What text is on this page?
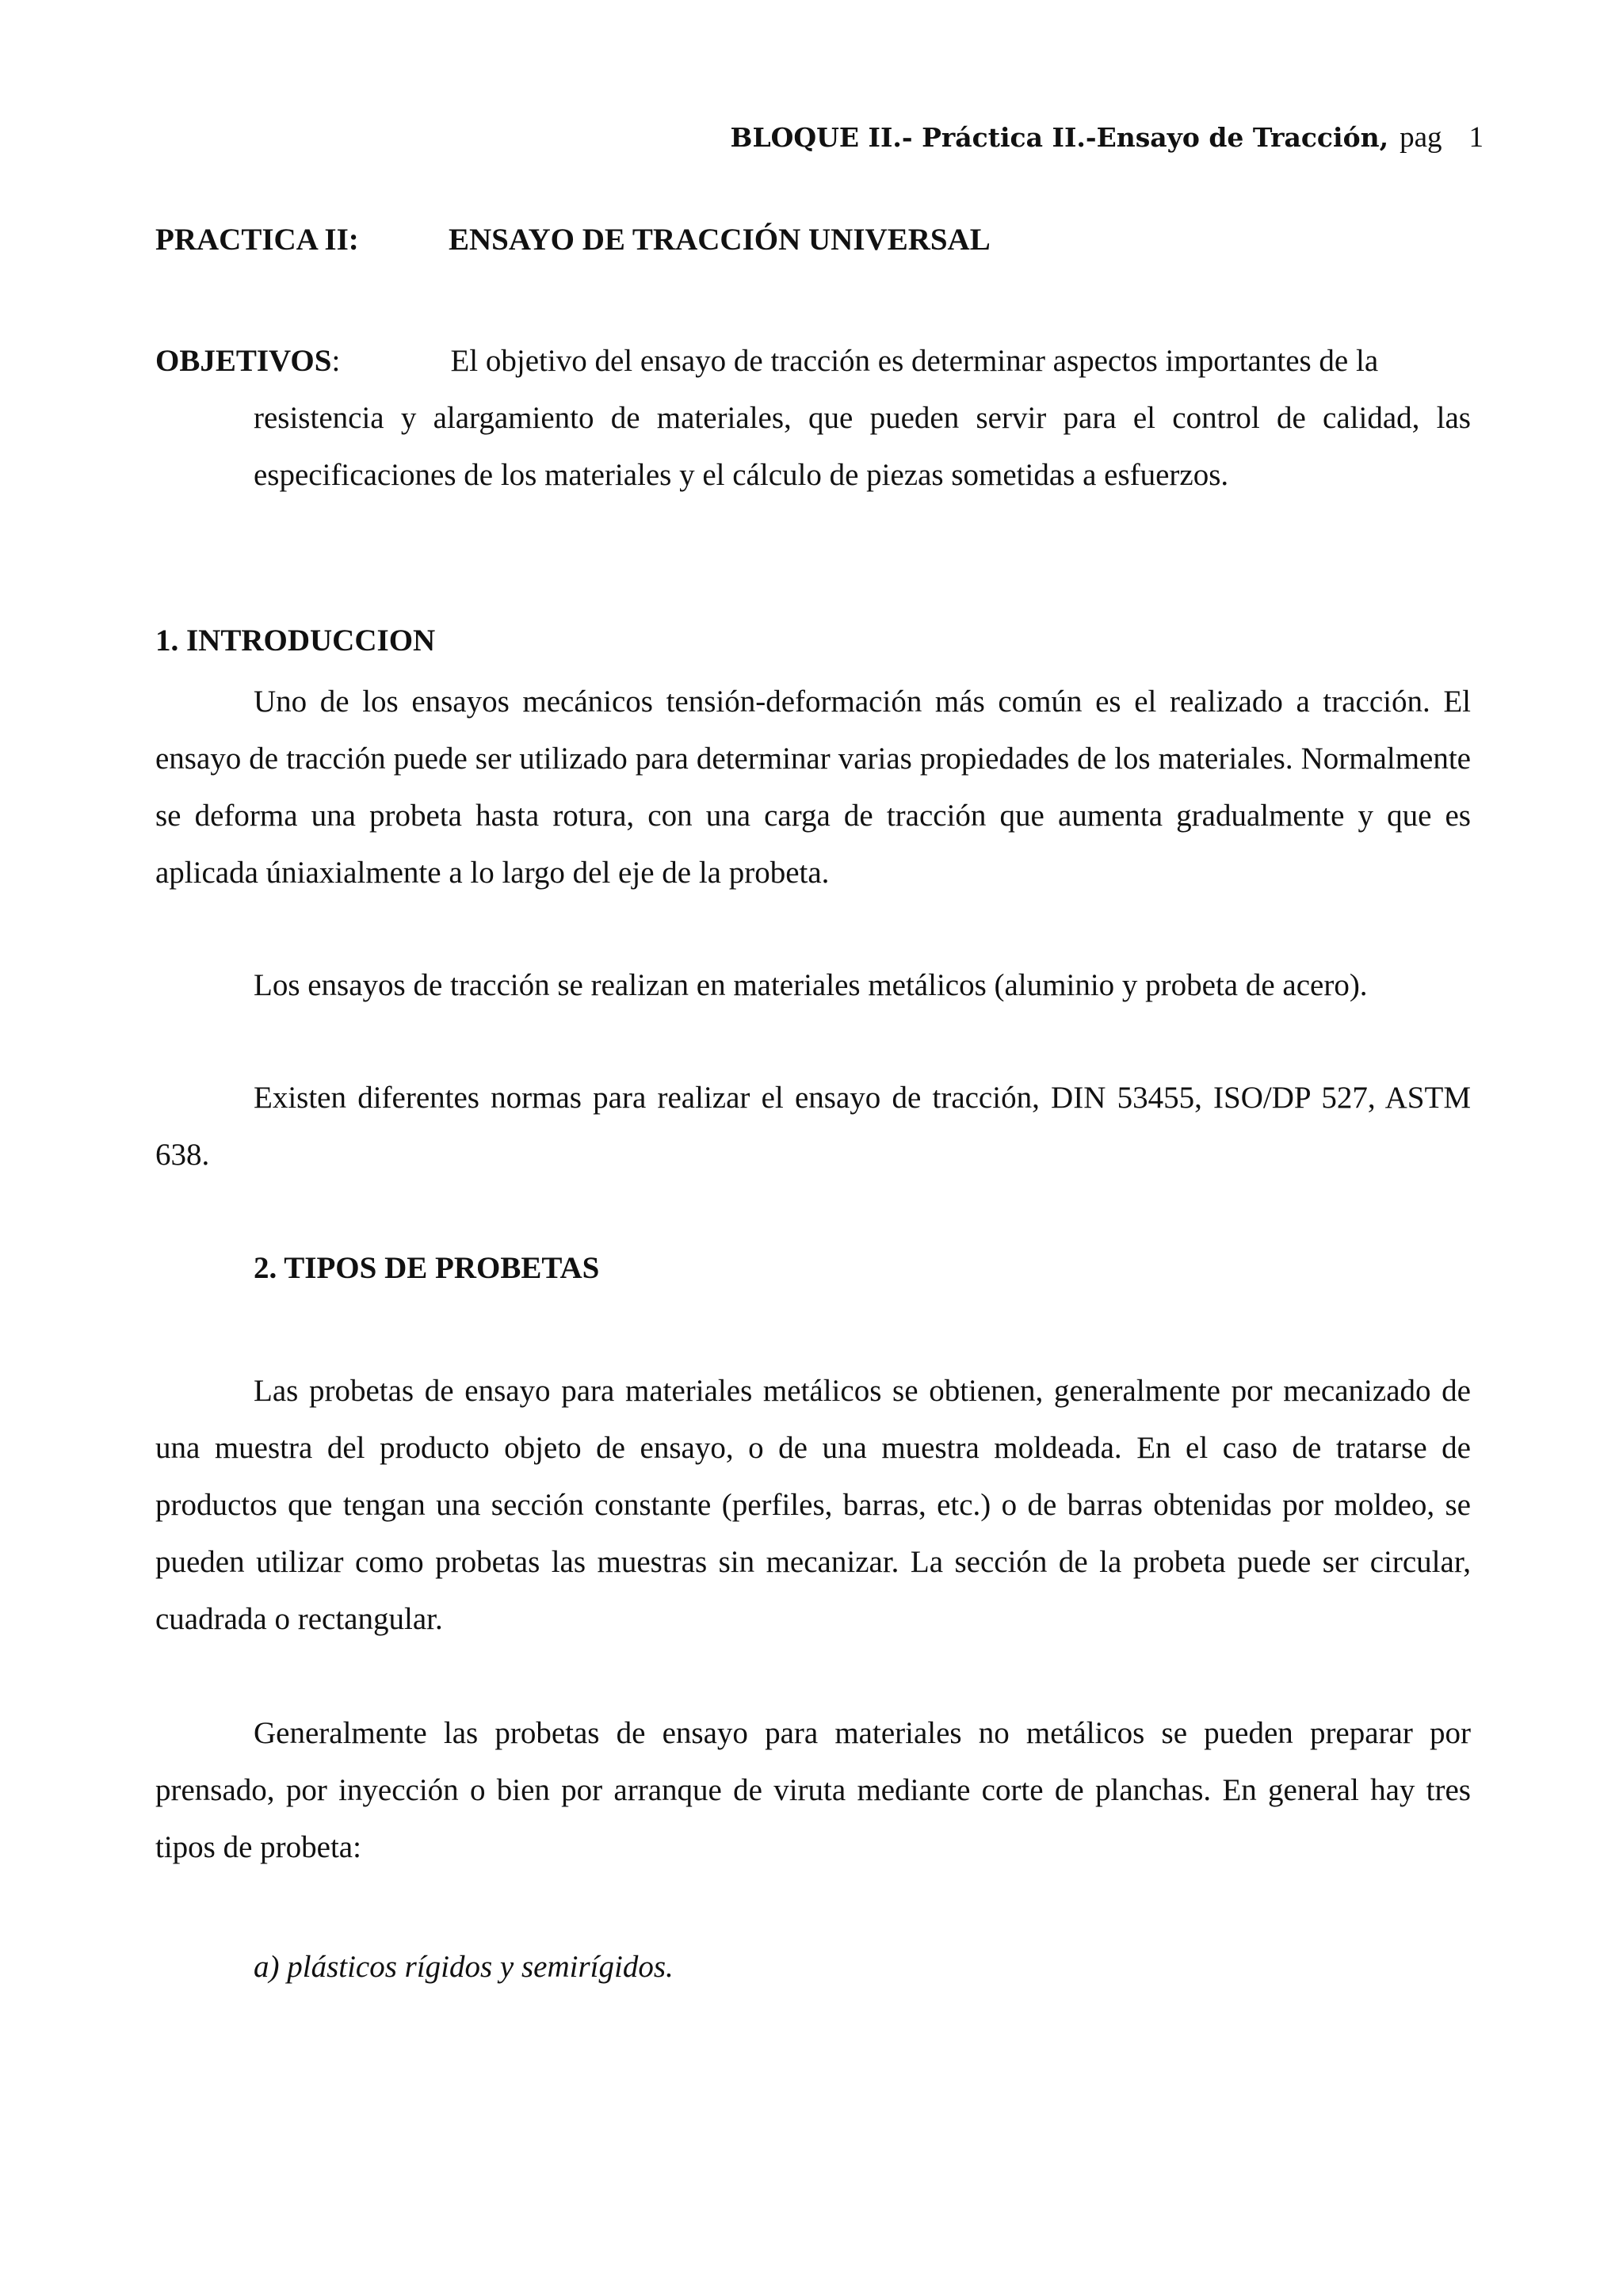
BLOQUE II.- Práctica II.-Ensayo de Tracción, pag 1
PRACTICA II:	ENSAYO DE TRACCIÓN UNIVERSAL
OBJETIVOS:	El objetivo del ensayo de tracción es determinar aspectos importantes de la
resistencia y alargamiento de materiales, que pueden servir para el control de calidad, las especificaciones de los materiales y el cálculo de piezas sometidas a esfuerzos.
1. INTRODUCCION

Uno de los ensayos mecánicos tensión-deformación más común es el realizado a tracción. El ensayo de tracción puede ser utilizado para determinar varias propiedades de los materiales. Normalmente se deforma una probeta hasta rotura, con una carga de tracción que aumenta gradualmente y que es aplicada úniaxialmente a lo largo del eje de la probeta.

Los ensayos de tracción se realizan en materiales metálicos (aluminio y probeta de acero).

Existen diferentes normas para realizar el ensayo de tracción, DIN 53455, ISO/DP 527, ASTM 638.

2. TIPOS DE PROBETAS

Las probetas de ensayo para materiales metálicos se obtienen, generalmente por mecanizado de una muestra del producto objeto de ensayo, o de una muestra moldeada. En el caso de tratarse de productos que tengan una sección constante (perfiles, barras, etc.) o de barras obtenidas por moldeo, se pueden utilizar como probetas las muestras sin mecanizar. La sección de la probeta puede ser circular, cuadrada o rectangular.

Generalmente las probetas de ensayo para materiales no metálicos se pueden preparar por prensado, por inyección o bien por arranque de viruta mediante corte de planchas. En general hay tres tipos de probeta:

a) plásticos rígidos y semirígidos.
